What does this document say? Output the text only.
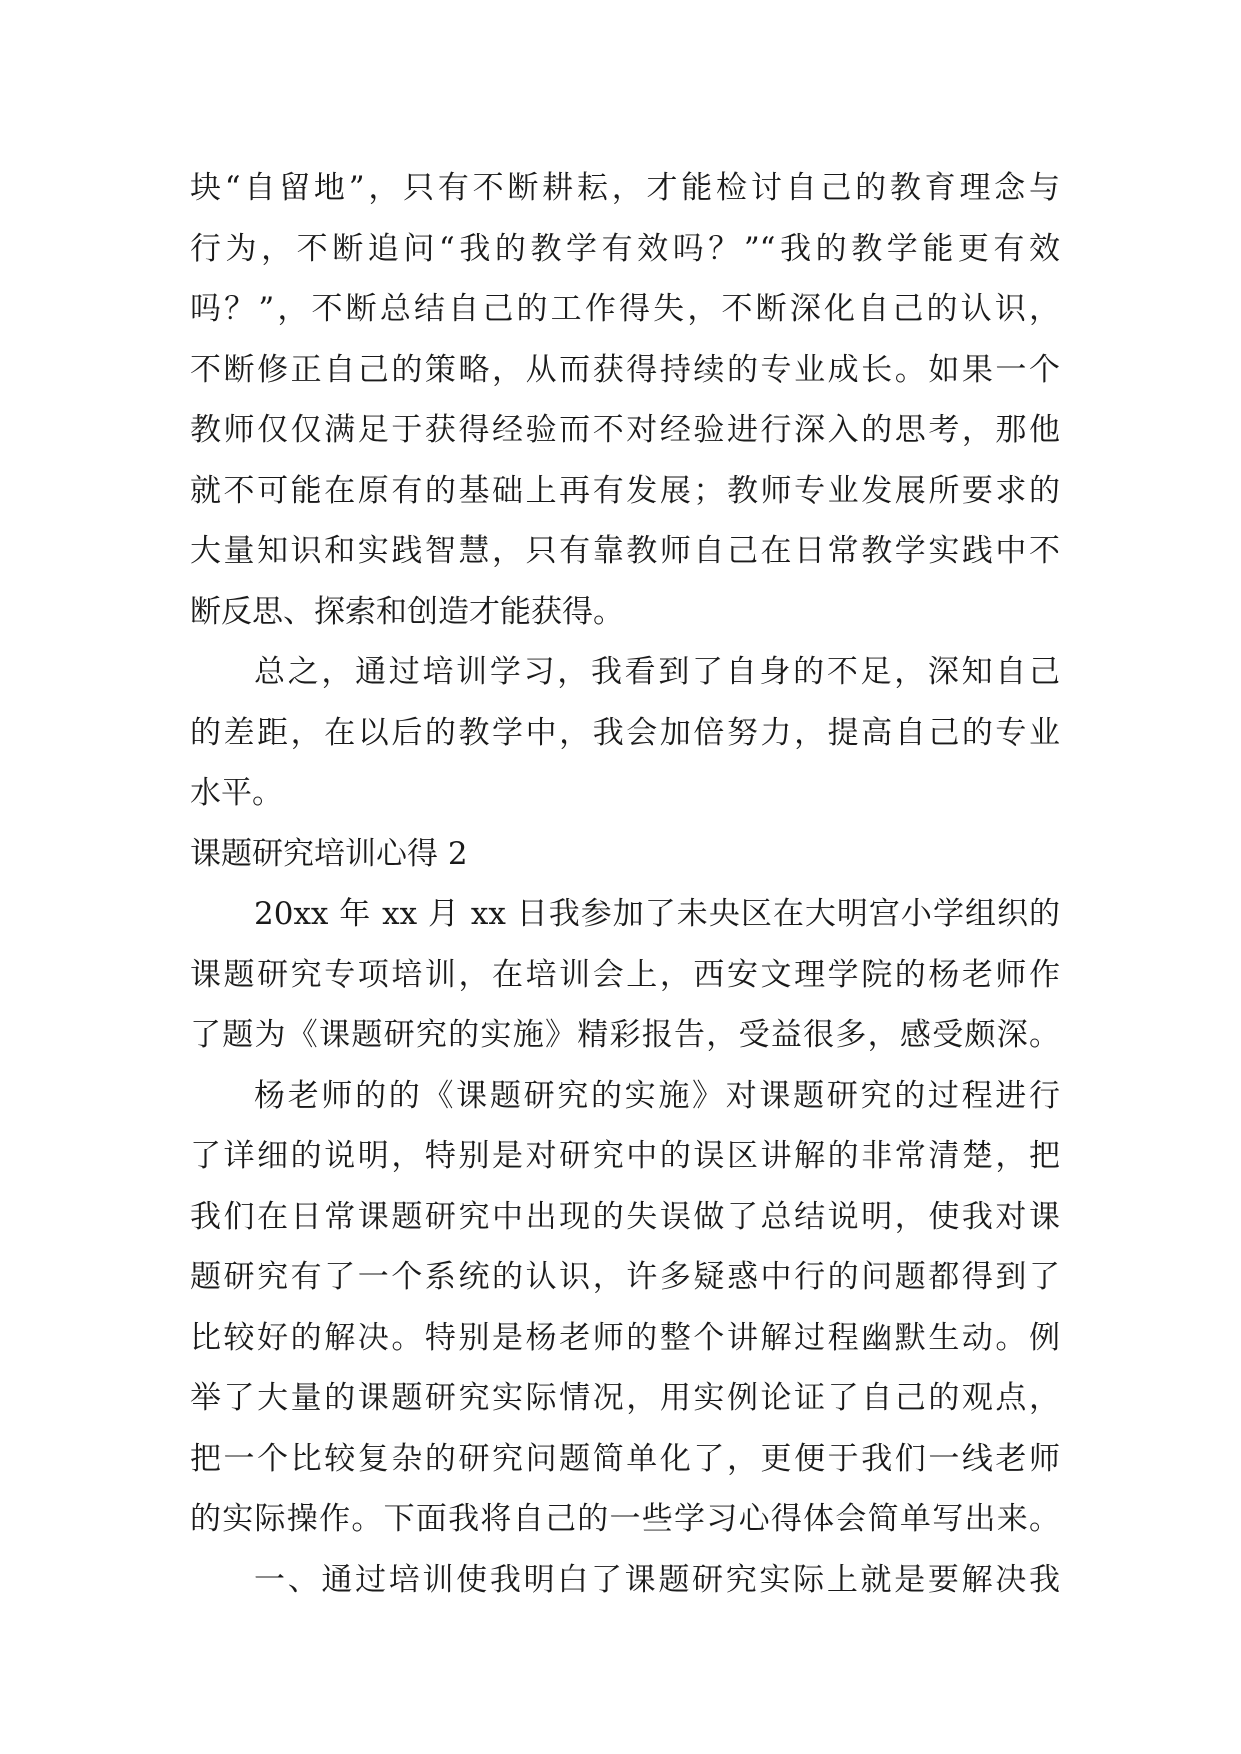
块“自留地”，只有不断耕耘，才能检讨自己的教育理念与
行为，不断追问“我的教学有效吗？”“我的教学能更有效
吗？”，不断总结自己的工作得失，不断深化自己的认识，
不断修正自己的策略，从而获得持续的专业成长。如果一个
教师仅仅满足于获得经验而不对经验进行深入的思考，那他
就不可能在原有的基础上再有发展；教师专业发展所要求的
大量知识和实践智慧，只有靠教师自己在日常教学实践中不
断反思、探索和创造才能获得。
总之，通过培训学习，我看到了自身的不足，深知自己
的差距，在以后的教学中，我会加倍努力，提高自己的专业
水平。
课题研究培训心得 2
20xx 年 xx 月 xx 日我参加了未央区在大明宫小学组织的
课题研究专项培训，在培训会上，西安文理学院的杨老师作
了题为《课题研究的实施》精彩报告，受益很多，感受颇深。
杨老师的的《课题研究的实施》对课题研究的过程进行
了详细的说明，特别是对研究中的误区讲解的非常清楚，把
我们在日常课题研究中出现的失误做了总结说明，使我对课
题研究有了一个系统的认识，许多疑惑中行的问题都得到了
比较好的解决。特别是杨老师的整个讲解过程幽默生动。例
举了大量的课题研究实际情况，用实例论证了自己的观点，
把一个比较复杂的研究问题简单化了，更便于我们一线老师
的实际操作。下面我将自己的一些学习心得体会简单写出来。
一、通过培训使我明白了课题研究实际上就是要解决我
